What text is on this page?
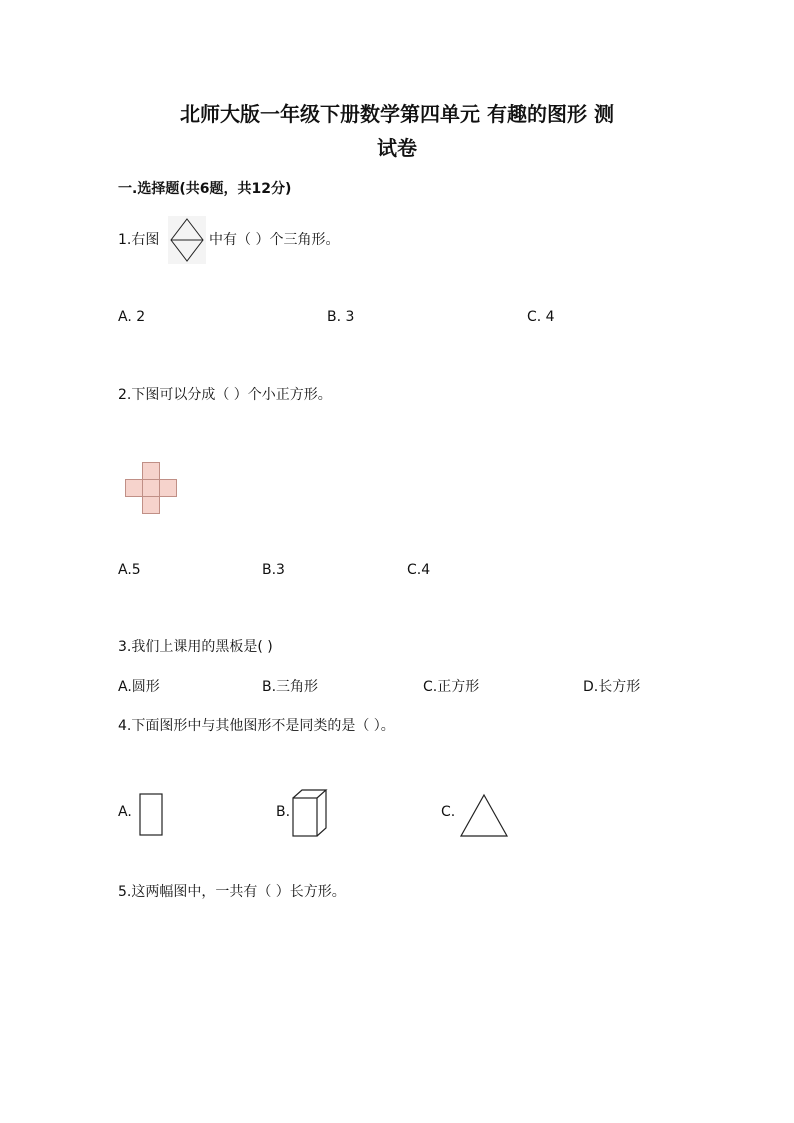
北师大版一年级下册数学第四单元 有趣的图形 测
试卷
一.选择题(共6题，共12分)
1.右图	中有（ ）个三角形。
A. 2	B. 3	C. 4
2.下图可以分成（ ）个小正方形。
A.5	B.3	C.4
3.我们上课用的黑板是( )
A.圆形	B.三角形	C.正方形	D.长方形
4.下面图形中与其他图形不是同类的是（ ）。
A.	B.	C.
5.这两幅图中，一共有（ ）长方形。
